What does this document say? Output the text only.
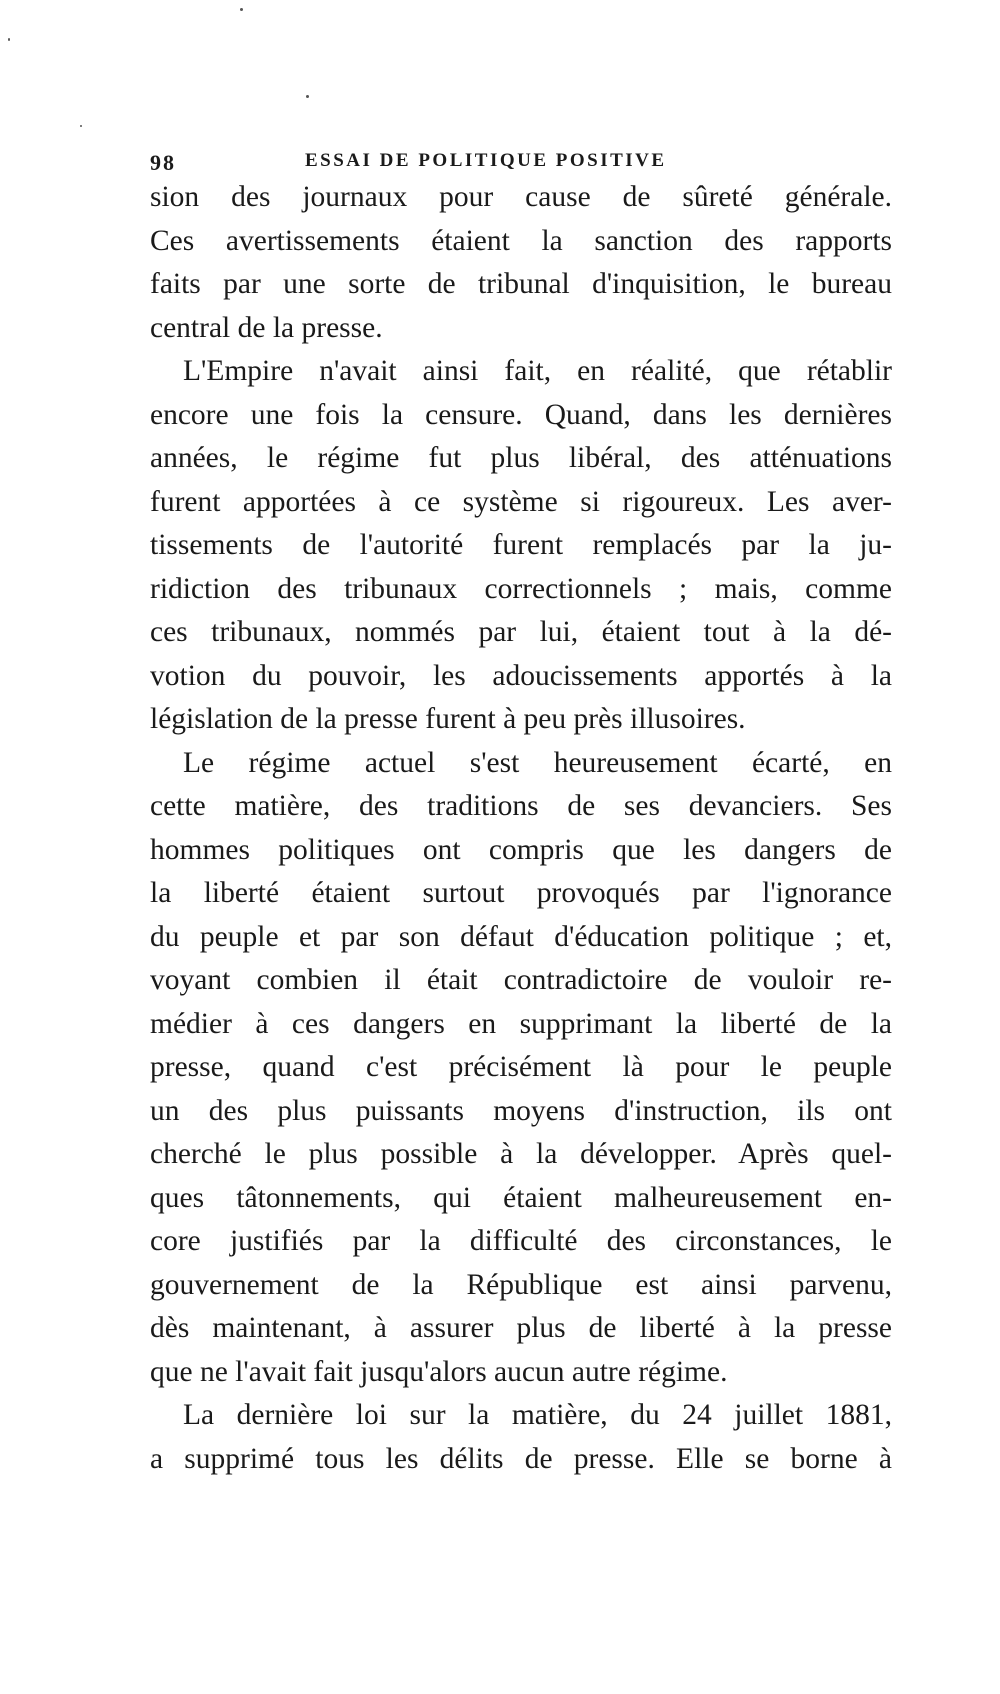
98	ESSAI DE POLITIQUE POSITIVE

sion des journaux pour cause de sûreté générale.

Ces avertissements étaient la sanction des rapports

faits par une sorte de tribunal d'inquisition, le bureau

central de la presse.

L'Empire n'avait ainsi fait, en réalité, que rétablir

encore une fois la censure. Quand, dans les dernières

années, le régime fut plus libéral, des atténuations

furent apportées à ce système si rigoureux. Les aver-

tissements de l'autorité furent remplacés par la ju-

ridiction des tribunaux correctionnels ; mais, comme

ces tribunaux, nommés par lui, étaient tout à la dé-

votion du pouvoir, les adoucissements apportés à la

législation de la presse furent à peu près illusoires.

Le régime actuel s'est heureusement écarté, en

cette matière, des traditions de ses devanciers. Ses

hommes politiques ont compris que les dangers de

la liberté étaient surtout provoqués par l'ignorance

du peuple et par son défaut d'éducation politique ; et,

voyant combien il était contradictoire de vouloir re-

médier à ces dangers en supprimant la liberté de la

presse, quand c'est précisément là pour le peuple

un des plus puissants moyens d'instruction, ils ont

cherché le plus possible à la développer. Après quel-

ques tâtonnements, qui étaient malheureusement en-

core justifiés par la difficulté des circonstances, le

gouvernement de la République est ainsi parvenu,

dès maintenant, à assurer plus de liberté à la presse

que ne l'avait fait jusqu'alors aucun autre régime.

La dernière loi sur la matière, du 24 juillet 1881,

a supprimé tous les délits de presse. Elle se borne à
